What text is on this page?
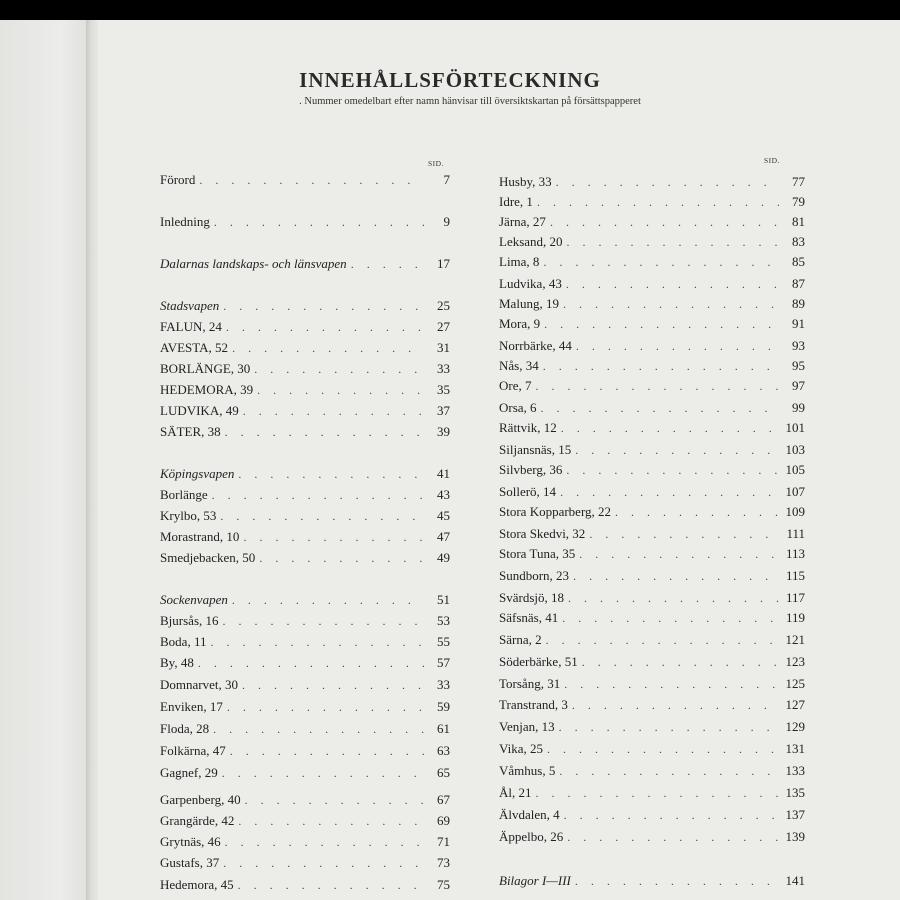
INNEHÅLLSFÖRTECKNING
. Nummer omedelbart efter namn hänvisar till översiktskartan på försättspapperet
SID.	SID.
Förord . . .	7
Inledning . . .	9
Dalarnas landskaps- och länsvapen . . .	17
Stadsvapen . . .	25
FALUN, 24 . . .	27
AVESTA, 52 . . .	31
BORLÄNGE, 30 . . .	33
HEDEMORA, 39 . . .	35
LUDVIKA, 49 . . .	37
SÄTER, 38 . . .	39
Köpingsvapen . . .	41
Borlänge . . .	43
Krylbo, 53 . . .	45
Morastrand, 10 . . .	47
Smedjebacken, 50 . . .	49
Sockenvapen . . .	51
Bjursås, 16 . . .	53
Boda, 11 . . .	55
By, 48 . . .	57
Domnarvet, 30 . . .	33
Enviken, 17 . . .	59
Floda, 28 . . .	61
Folkärna, 47 . . .	63
Gagnef, 29 . . .	65
Garpenberg, 40 . . .	67
Grangärde, 42 . . .	69
Grytnäs, 46 . . .	71
Gustafs, 37 . . .	73
Hedemora, 45 . . .	75
Husby, 33 . . .	77
Idre, 1 . . .	79
Järna, 27 . . .	81
Leksand, 20 . . .	83
Lima, 8 . . .	85
Ludvika, 43 . . .	87
Malung, 19 . . .	89
Mora, 9 . . .	91
Norrbärke, 44 . . .	93
Nås, 34 . . .	95
Ore, 7 . . .	97
Orsa, 6 . . .	99
Rättvik, 12 . . .	101
Siljansnäs, 15 . . .	103
Silvberg, 36 . . .	105
Sollerö, 14 . . .	107
Stora Kopparberg, 22 . . .	109
Stora Skedvi, 32 . . .	111
Stora Tuna, 35 . . .	113
Sundborn, 23 . . .	115
Svärdsjö, 18 . . .	117
Säfsnäs, 41 . . .	119
Särna, 2 . . .	121
Söderbärke, 51 . . .	123
Torsång, 31 . . .	125
Transtrand, 3 . . .	127
Venjan, 13 . . .	129
Vika, 25 . . .	131
Våmhus, 5 . . .	133
Ål, 21 . . .	135
Älvdalen, 4 . . .	137
Äppelbo, 26 . . .	139
Bilagor I—III . . .	141
